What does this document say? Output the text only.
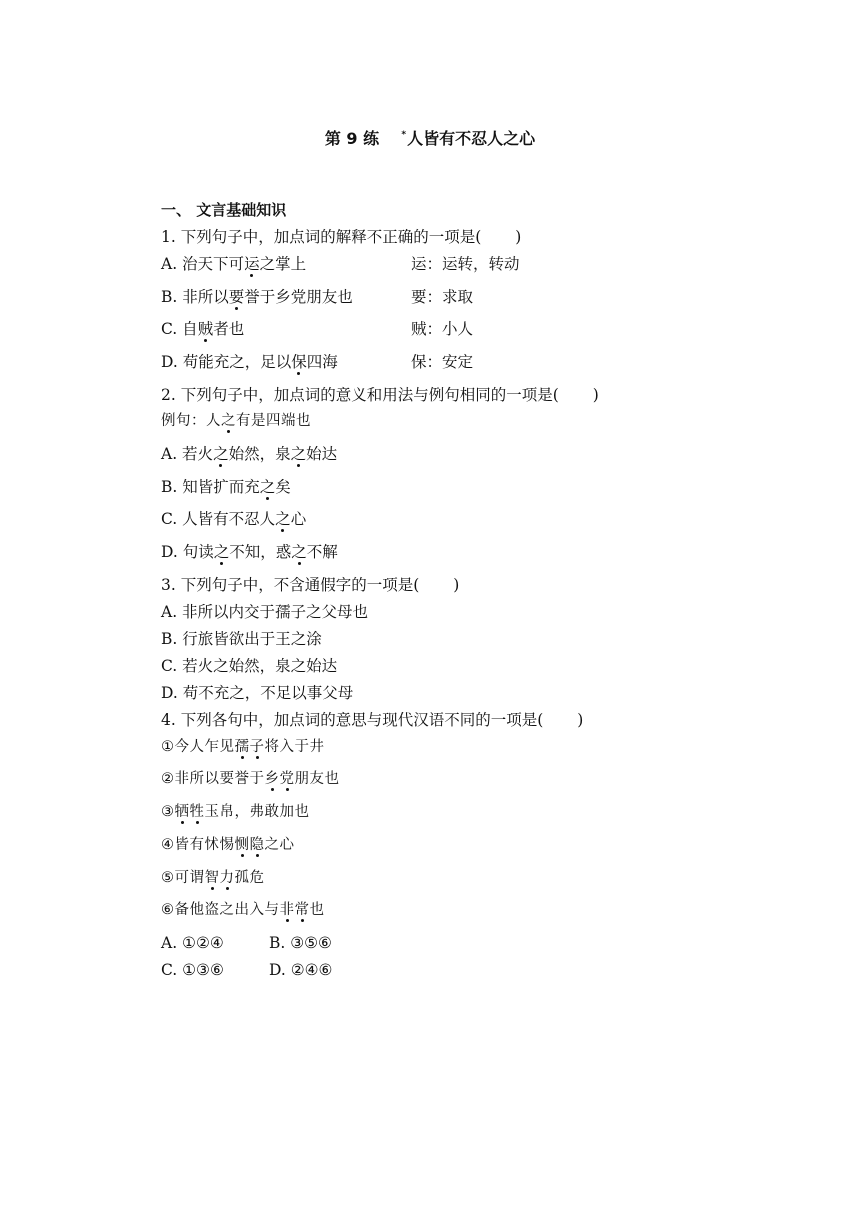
第 9 练 *人皆有不忍人之心
一、 文言基础知识
1. 下列句子中，加点词的解释不正确的一项是( )
A. 治天下可运之掌上	运：运转，转动
B. 非所以要誉于乡党朋友也	要：求取
C. 自贼者也	贼：小人
D. 苟能充之，足以保四海	保：安定
2. 下列句子中，加点词的意义和用法与例句相同的一项是( )
例句：人之有是四端也
A. 若火之始然，泉之始达
B. 知皆扩而充之矣
C. 人皆有不忍人之心
D. 句读之不知，惑之不解
3. 下列句子中，不含通假字的一项是( )
A. 非所以内交于孺子之父母也
B. 行旅皆欲出于王之涂
C. 若火之始然，泉之始达
D. 苟不充之，不足以事父母
4. 下列各句中，加点词的意思与现代汉语不同的一项是( )
①今人乍见孺子将入于井
②非所以要誉于乡党朋友也
③牺牲玉帛，弗敢加也
④皆有怵惕恻隐之心
⑤可谓智力孤危
⑥备他盗之出入与非常也
A. ①②④	B. ③⑤⑥
C. ①③⑥	D. ②④⑥
